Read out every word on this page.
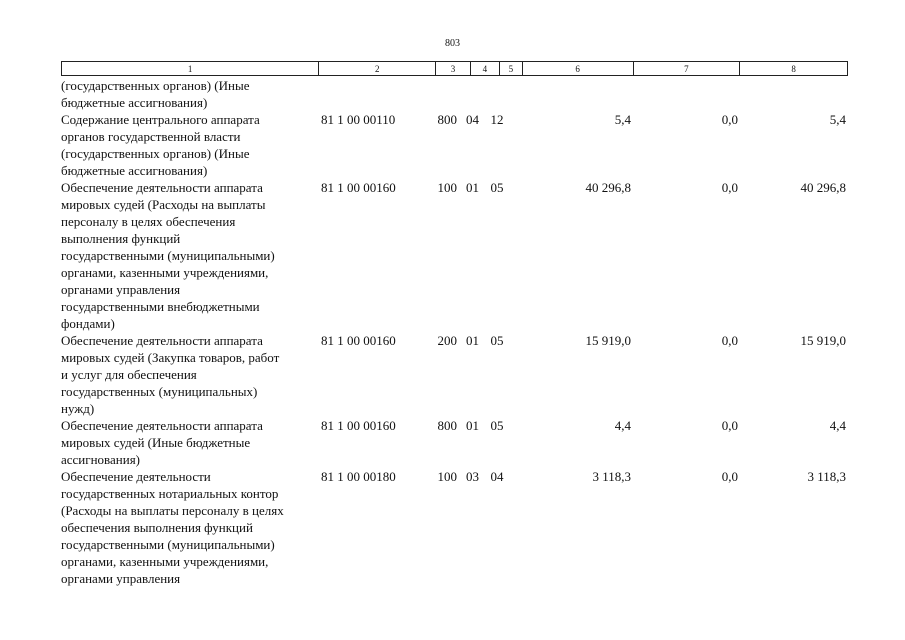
803
1	2	3	4	5	6	7	8
(государственных органов) (Иные
бюджетные ассигнования)
Содержание центрального аппарата
органов государственной власти
(государственных органов) (Иные
бюджетные ассигнования)
81 1 00 00110	800 04 12	5,4	0,0	5,4
Обеспечение деятельности аппарата
мировых судей (Расходы на выплаты
персоналу в целях обеспечения
выполнения функций
государственными (муниципальными)
органами, казенными учреждениями,
органами управления
государственными внебюджетными
фондами)
81 1 00 00160	100 01 05	40 296,8	0,0	40 296,8
Обеспечение деятельности аппарата
мировых судей (Закупка товаров, работ
и услуг для обеспечения
государственных (муниципальных)
нужд)
81 1 00 00160	200 01 05	15 919,0	0,0	15 919,0
Обеспечение деятельности аппарата
мировых судей (Иные бюджетные
ассигнования)
81 1 00 00160	800 01 05	4,4	0,0	4,4
Обеспечение деятельности
государственных нотариальных контор
(Расходы на выплаты персоналу в целях
обеспечения выполнения функций
государственными (муниципальными)
органами, казенными учреждениями,
органами управления
81 1 00 00180	100 03 04	3 118,3	0,0	3 118,3
